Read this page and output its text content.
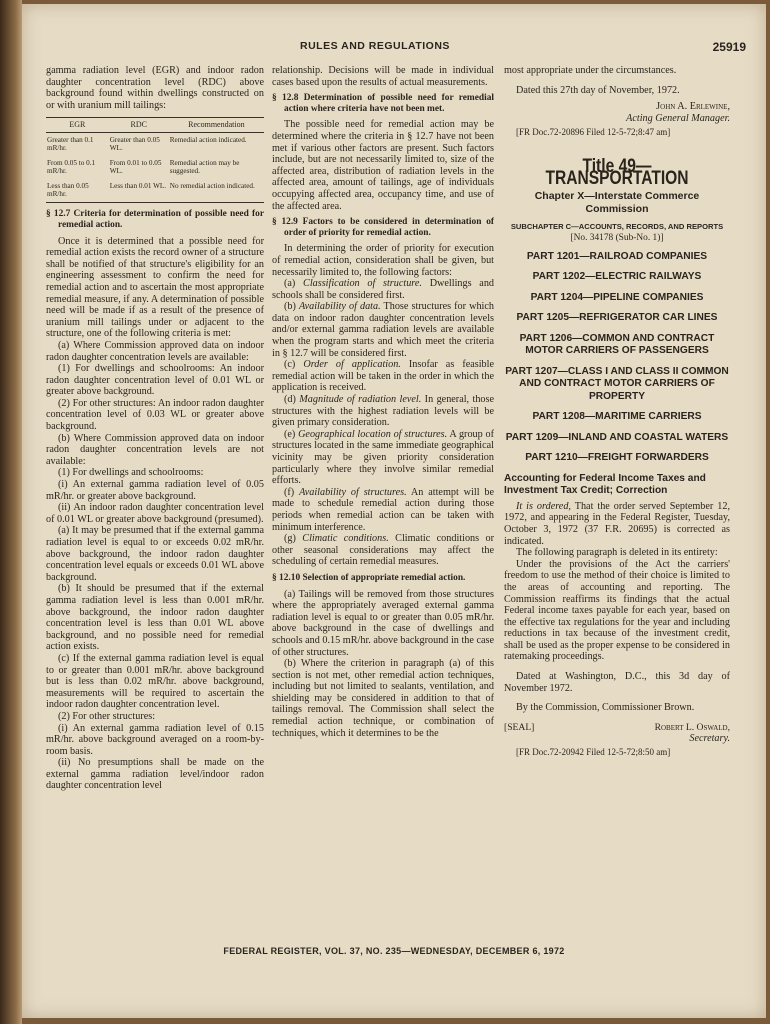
RULES AND REGULATIONS	25919

gamma radiation level (EGR) and indoor radon daughter concentration level (RDC) above background found within dwellings constructed on or with uranium mill tailings:

EGR	RDC	Recommendation
Greater than 0.1 mR/hr.	Greater than 0.05 WL.	Remedial action indicated.
From 0.05 to 0.1 mR/hr.	From 0.01 to 0.05 WL.	Remedial action may be suggested.
Less than 0.05 mR/hr.	Less than 0.01 WL.	No remedial action indicated.

§ 12.7 Criteria for determination of possible need for remedial action.

Once it is determined that a possible need for remedial action exists the record owner of a structure shall be notified of that structure's eligibility for an engineering assessment to confirm the need for remedial action and to ascertain the most appropriate remedial measure, if any. A determination of possible need will be made if as a result of the presence of uranium mill tailings under or adjacent to the structure, one of the following criteria is met:

(a) Where Commission approved data on indoor radon daughter concentration levels are available:

(1) For dwellings and schoolrooms: An indoor radon daughter concentration level of 0.01 WL or greater above background.

(2) For other structures: An indoor radon daughter concentration level of 0.03 WL or greater above background.

(b) Where Commission approved data on indoor radon daughter concentration levels are not available:

(1) For dwellings and schoolrooms:

(i) An external gamma radiation level of 0.05 mR/hr. or greater above background.

(ii) An indoor radon daughter concentration level of 0.01 WL or greater above background (presumed).

(a) It may be presumed that if the external gamma radiation level is equal to or exceeds 0.02 mR/hr. above background, the indoor radon daughter concentration level equals or exceeds 0.01 WL above background.

(b) It should be presumed that if the external gamma radiation level is less than 0.001 mR/hr. above background, the indoor radon daughter concentration level is less than 0.01 WL above background, and no possible need for remedial action exists.

(c) If the external gamma radiation level is equal to or greater than 0.001 mR/hr. above background but is less than 0.02 mR/hr. above background, measurements will be required to ascertain the indoor radon daughter concentration level.

(2) For other structures:

(i) An external gamma radiation level of 0.15 mR/hr. above background averaged on a room-by-room basis.

(ii) No presumptions shall be made on the external gamma radiation level/indoor radon daughter concentration level

relationship. Decisions will be made in individual cases based upon the results of actual measurements.

§ 12.8 Determination of possible need for remedial action where criteria have not been met.

The possible need for remedial action may be determined where the criteria in § 12.7 have not been met if various other factors are present. Such factors include, but are not necessarily limited to, size of the affected area, distribution of radiation levels in the affected area, amount of tailings, age of individuals occupying affected area, occupancy time, and use of the affected area.

§ 12.9 Factors to be considered in determination of order of priority for remedial action.

In determining the order of priority for execution of remedial action, consideration shall be given, but necessarily limited to, the following factors:

(a) Classification of structure. Dwellings and schools shall be considered first.

(b) Availability of data. Those structures for which data on indoor radon daughter concentration levels and/or external gamma radiation levels are available when the program starts and which meet the criteria in § 12.7 will be considered first.

(c) Order of application. Insofar as feasible remedial action will be taken in the order in which the application is received.

(d) Magnitude of radiation level. In general, those structures with the highest radiation levels will be given primary consideration.

(e) Geographical location of structures. A group of structures located in the same immediate geographical vicinity may be given priority consideration particularly where they involve similar remedial efforts.

(f) Availability of structures. An attempt will be made to schedule remedial action during those periods when remedial action can be taken with minimum interference.

(g) Climatic conditions. Climatic conditions or other seasonal considerations may affect the scheduling of certain remedial measures.

§ 12.10 Selection of appropriate remedial action.

(a) Tailings will be removed from those structures where the appropriately averaged external gamma radiation level is equal to or greater than 0.05 mR/hr. above background in the case of dwellings and schools and 0.15 mR/hr. above background in the case of other structures.

(b) Where the criterion in paragraph (a) of this section is not met, other remedial action techniques, including but not limited to sealants, ventilation, and shielding may be considered in addition to that of tailings removal. The Commission shall select the remedial action technique, or combination of techniques, which it determines to be the

most appropriate under the circumstances.

Dated this 27th day of November, 1972.

John A. Erlewine,

Acting General Manager.

[FR Doc.72-20896 Filed 12-5-72;8:47 am]

Title 49—TRANSPORTATION
Chapter X—Interstate Commerce Commission
SUBCHAPTER C—ACCOUNTS, RECORDS, AND REPORTS
[No. 34178 (Sub-No. 1)]
PART 1201—RAILROAD COMPANIES
PART 1202—ELECTRIC RAILWAYS
PART 1204—PIPELINE COMPANIES
PART 1205—REFRIGERATOR CAR LINES
PART 1206—COMMON AND CONTRACT MOTOR CARRIERS OF PASSENGERS
PART 1207—CLASS I AND CLASS II COMMON AND CONTRACT MOTOR CARRIERS OF PROPERTY
PART 1208—MARITIME CARRIERS
PART 1209—INLAND AND COASTAL WATERS
PART 1210—FREIGHT FORWARDERS
Accounting for Federal Income Taxes and Investment Tax Credit; Correction

It is ordered, That the order served September 12, 1972, and appearing in the Federal Register, Tuesday, October 3, 1972 (37 F.R. 20695) is corrected as indicated.

The following paragraph is deleted in its entirety:

Under the provisions of the Act the carriers' freedom to use the method of their choice is limited to the areas of accounting and reporting. The Commission reaffirms its findings that the actual Federal income taxes payable for each year, based on the effective tax regulations for the year and including reductions in tax because of the investment credit, shall be used as the proper expense to be considered in ratemaking proceedings.

Dated at Washington, D.C., this 3d day of November 1972.

By the Commission, Commissioner Brown.

[SEAL]	Robert L. Oswald,

Secretary.

[FR Doc.72-20942 Filed 12-5-72;8:50 am]

FEDERAL REGISTER, VOL. 37, NO. 235—WEDNESDAY, DECEMBER 6, 1972
